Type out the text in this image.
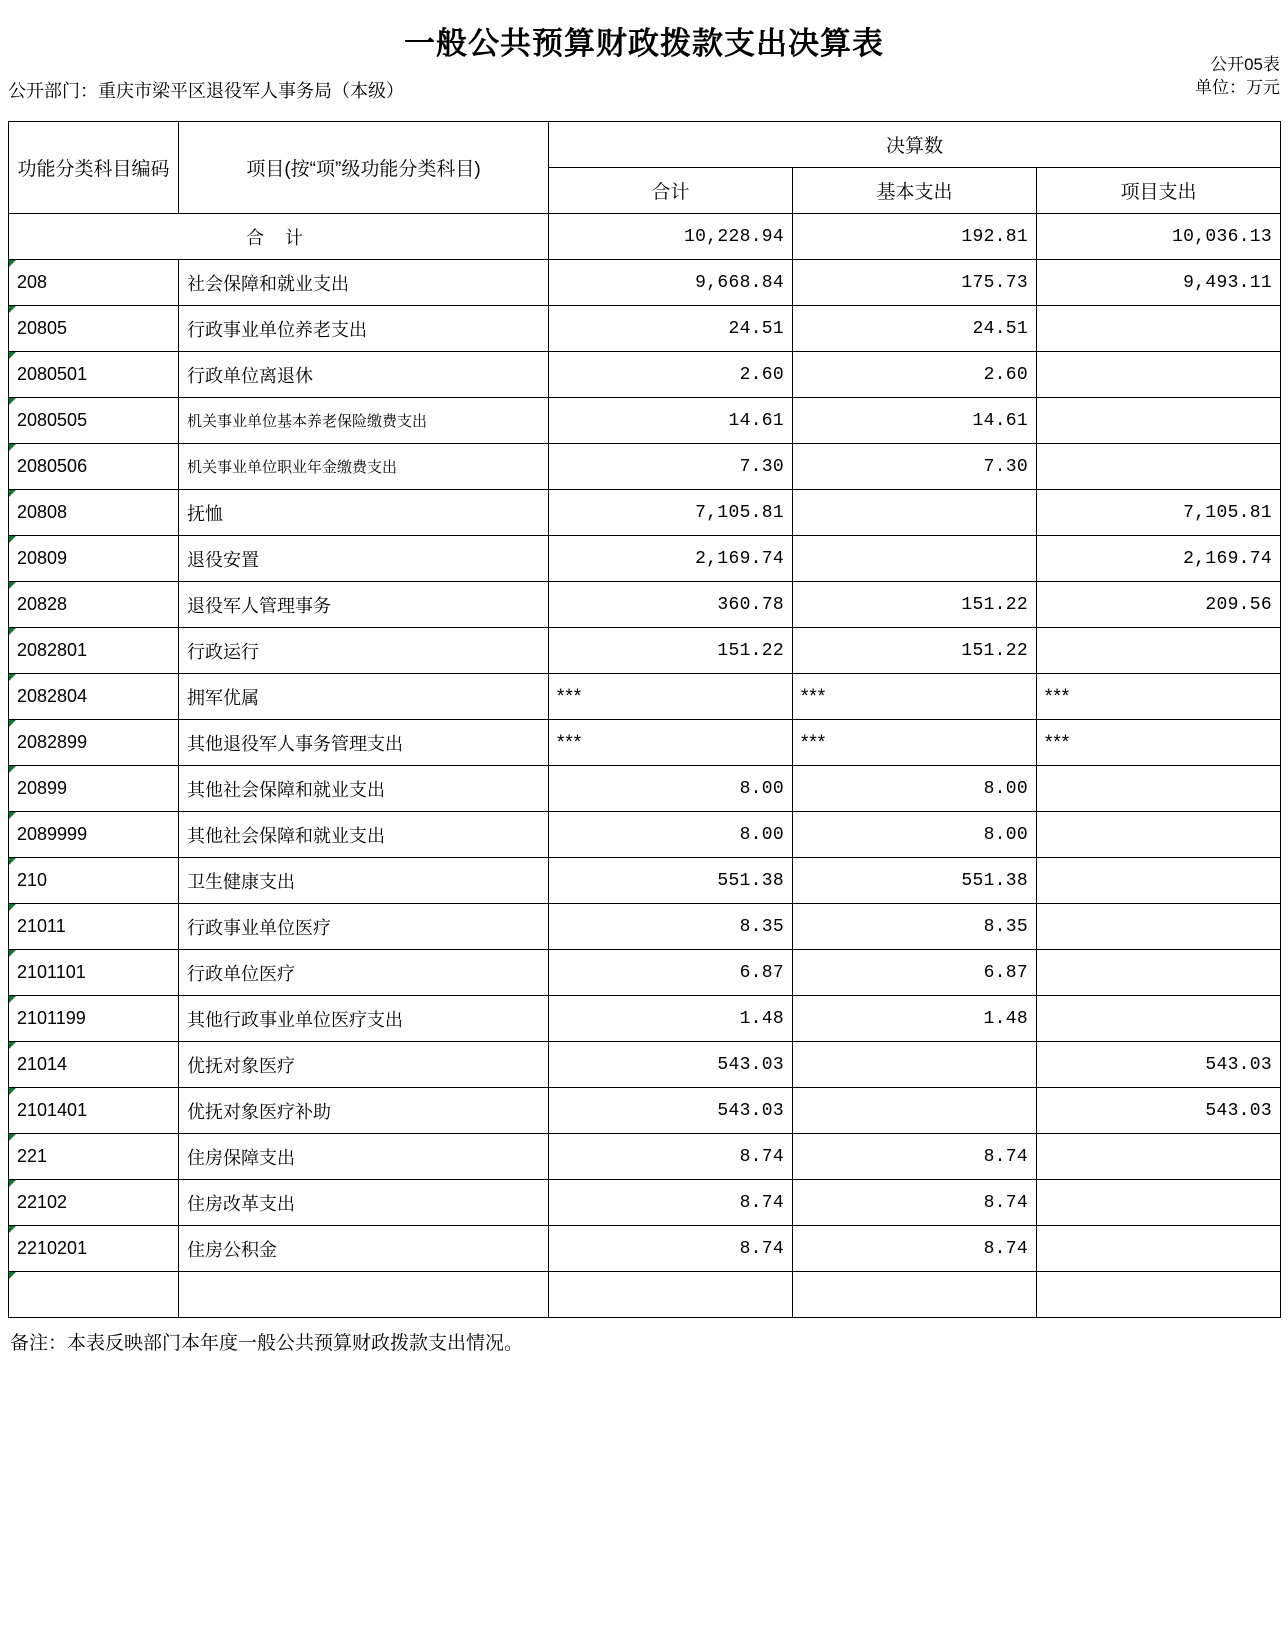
一般公共预算财政拨款支出决算表
公开05表
单位：万元
公开部门：重庆市梁平区退役军人事务局（本级）
功能分类科目编码	项目(按“项”级功能分类科目)	决算数		
		合计	基本支出	项目支出
合 计		10,228.94	192.81	10,036.13
208	社会保障和就业支出	9,668.84	175.73	9,493.11
20805	行政事业单位养老支出	24.51	24.51	
2080501	行政单位离退休	2.60	2.60	
2080505	机关事业单位基本养老保险缴费支出	14.61	14.61	
2080506	机关事业单位职业年金缴费支出	7.30	7.30	
20808	抚恤	7,105.81		7,105.81
20809	退役安置	2,169.74		2,169.74
20828	退役军人管理事务	360.78	151.22	209.56
2082801	行政运行	151.22	151.22	
2082804	拥军优属	***	***	***
2082899	其他退役军人事务管理支出	***	***	***
20899	其他社会保障和就业支出	8.00	8.00	
2089999	其他社会保障和就业支出	8.00	8.00	
210	卫生健康支出	551.38	551.38	
21011	行政事业单位医疗	8.35	8.35	
2101101	行政单位医疗	6.87	6.87	
2101199	其他行政事业单位医疗支出	1.48	1.48	
21014	优抚对象医疗	543.03		543.03
2101401	优抚对象医疗补助	543.03		543.03
221	住房保障支出	8.74	8.74	
22102	住房改革支出	8.74	8.74	
2210201	住房公积金	8.74	8.74	

备注：本表反映部门本年度一般公共预算财政拨款支出情况。
